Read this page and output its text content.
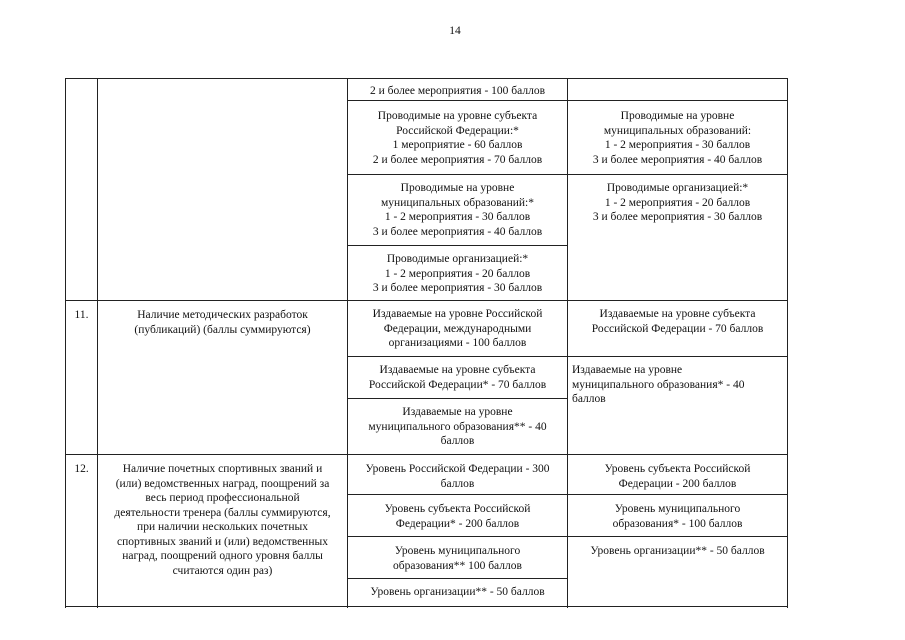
14
2 и более мероприятия - 100 баллов
Проводимые на уровне субъекта
Российской Федерации:*
1 мероприятие - 60 баллов
2 и более мероприятия - 70 баллов
Проводимые на уровне
муниципальных образований:*
1 - 2 мероприятия - 30 баллов
3 и более мероприятия - 40 баллов
Проводимые организацией:*
1 - 2 мероприятия - 20 баллов
3 и более мероприятия - 30 баллов
Проводимые на уровне
муниципальных образований:
1 - 2 мероприятия - 30 баллов
3 и более мероприятия - 40 баллов
Проводимые организацией:*
1 - 2 мероприятия - 20 баллов
3 и более мероприятия - 30 баллов
11.	Наличие методических разработок
(публикаций) (баллы суммируются)
Издаваемые на уровне Российской
Федерации, международными
организациями - 100 баллов
Издаваемые на уровне субъекта
Российской Федерации* - 70 баллов
Издаваемые на уровне
муниципального образования** - 40
баллов
Издаваемые на уровне субъекта
Российской Федерации - 70 баллов
Издаваемые на уровне
муниципального образования* - 40
баллов
12.	Наличие почетных спортивных званий и
(или) ведомственных наград, поощрений за
весь период профессиональной
деятельности тренера (баллы суммируются,
при наличии нескольких почетных
спортивных званий и (или) ведомственных
наград, поощрений одного уровня баллы
считаются один раз)
Уровень Российской Федерации - 300
баллов
Уровень субъекта Российской
Федерации* - 200 баллов
Уровень муниципального
образования** 100 баллов
Уровень организации** - 50 баллов
Уровень субъекта Российской
Федерации - 200 баллов
Уровень муниципального
образования* - 100 баллов
Уровень организации** - 50 баллов
